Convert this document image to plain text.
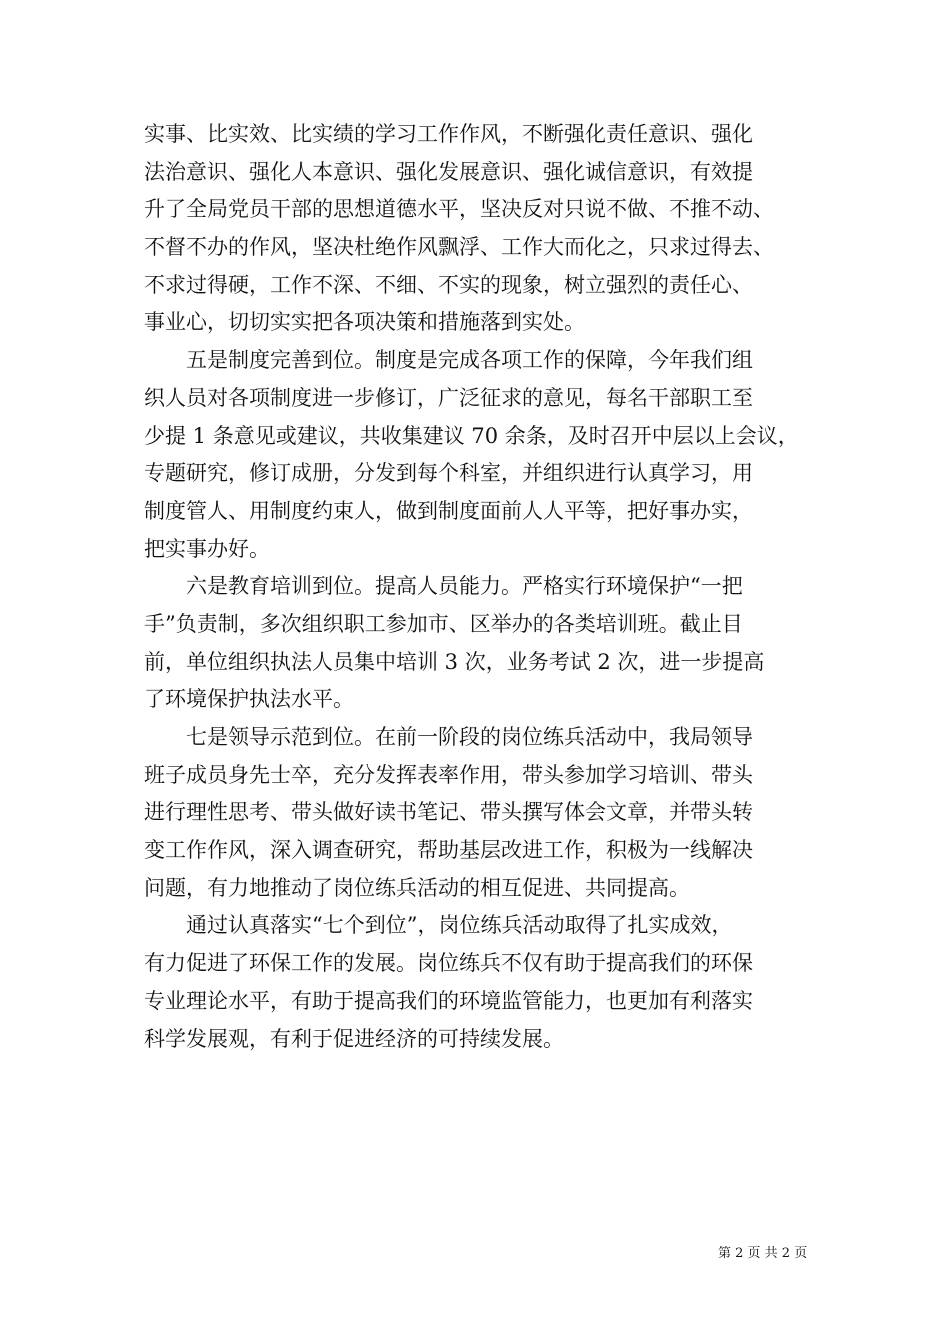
实事、比实效、比实绩的学习工作作风，不断强化责任意识、强化
法治意识、强化人本意识、强化发展意识、强化诚信意识，有效提
升了全局党员干部的思想道德水平，坚决反对只说不做、不推不动、
不督不办的作风，坚决杜绝作风飘浮、工作大而化之，只求过得去、
不求过得硬，工作不深、不细、不实的现象，树立强烈的责任心、
事业心，切切实实把各项决策和措施落到实处。
五是制度完善到位。制度是完成各项工作的保障，今年我们组
织人员对各项制度进一步修订，广泛征求的意见，每名干部职工至
少提 1 条意见或建议，共收集建议 70 余条，及时召开中层以上会议，
专题研究，修订成册，分发到每个科室，并组织进行认真学习，用
制度管人、用制度约束人，做到制度面前人人平等，把好事办实，
把实事办好。
六是教育培训到位。提高人员能力。严格实行环境保护“一把
手”负责制，多次组织职工参加市、区举办的各类培训班。截止目
前，单位组织执法人员集中培训 3 次，业务考试 2 次，进一步提高
了环境保护执法水平。
七是领导示范到位。在前一阶段的岗位练兵活动中，我局领导
班子成员身先士卒，充分发挥表率作用，带头参加学习培训、带头
进行理性思考、带头做好读书笔记、带头撰写体会文章，并带头转
变工作作风，深入调查研究，帮助基层改进工作，积极为一线解决
问题，有力地推动了岗位练兵活动的相互促进、共同提高。
通过认真落实“七个到位”，岗位练兵活动取得了扎实成效，
有力促进了环保工作的发展。岗位练兵不仅有助于提高我们的环保
专业理论水平，有助于提高我们的环境监管能力，也更加有利落实
科学发展观，有利于促进经济的可持续发展。
第 2 页 共 2 页
